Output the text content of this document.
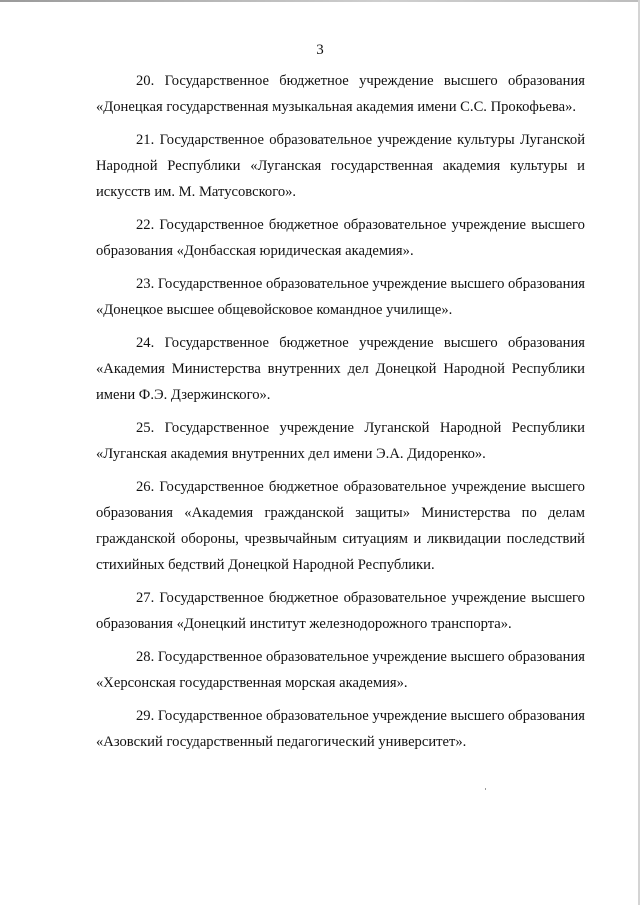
3

20. Государственное бюджетное учреждение высшего образования «Донецкая государственная музыкальная академия имени С.С. Прокофьева».

21. Государственное образовательное учреждение культуры Луганской Народной Республики «Луганская государственная академия культуры и искусств им. М. Матусовского».

22. Государственное бюджетное образовательное учреждение высшего образования «Донбасская юридическая академия».

23. Государственное образовательное учреждение высшего образования «Донецкое высшее общевойсковое командное училище».

24. Государственное бюджетное учреждение высшего образования «Академия Министерства внутренних дел Донецкой Народной Республики имени Ф.Э. Дзержинского».

25. Государственное учреждение Луганской Народной Республики «Луганская академия внутренних дел имени Э.А. Дидоренко».

26. Государственное бюджетное образовательное учреждение высшего образования «Академия гражданской защиты» Министерства по делам гражданской обороны, чрезвычайным ситуациям и ликвидации последствий стихийных бедствий Донецкой Народной Республики.

27. Государственное бюджетное образовательное учреждение высшего образования «Донецкий институт железнодорожного транспорта».

28. Государственное образовательное учреждение высшего образования «Херсонская государственная морская академия».

29. Государственное образовательное учреждение высшего образования «Азовский государственный педагогический университет».
